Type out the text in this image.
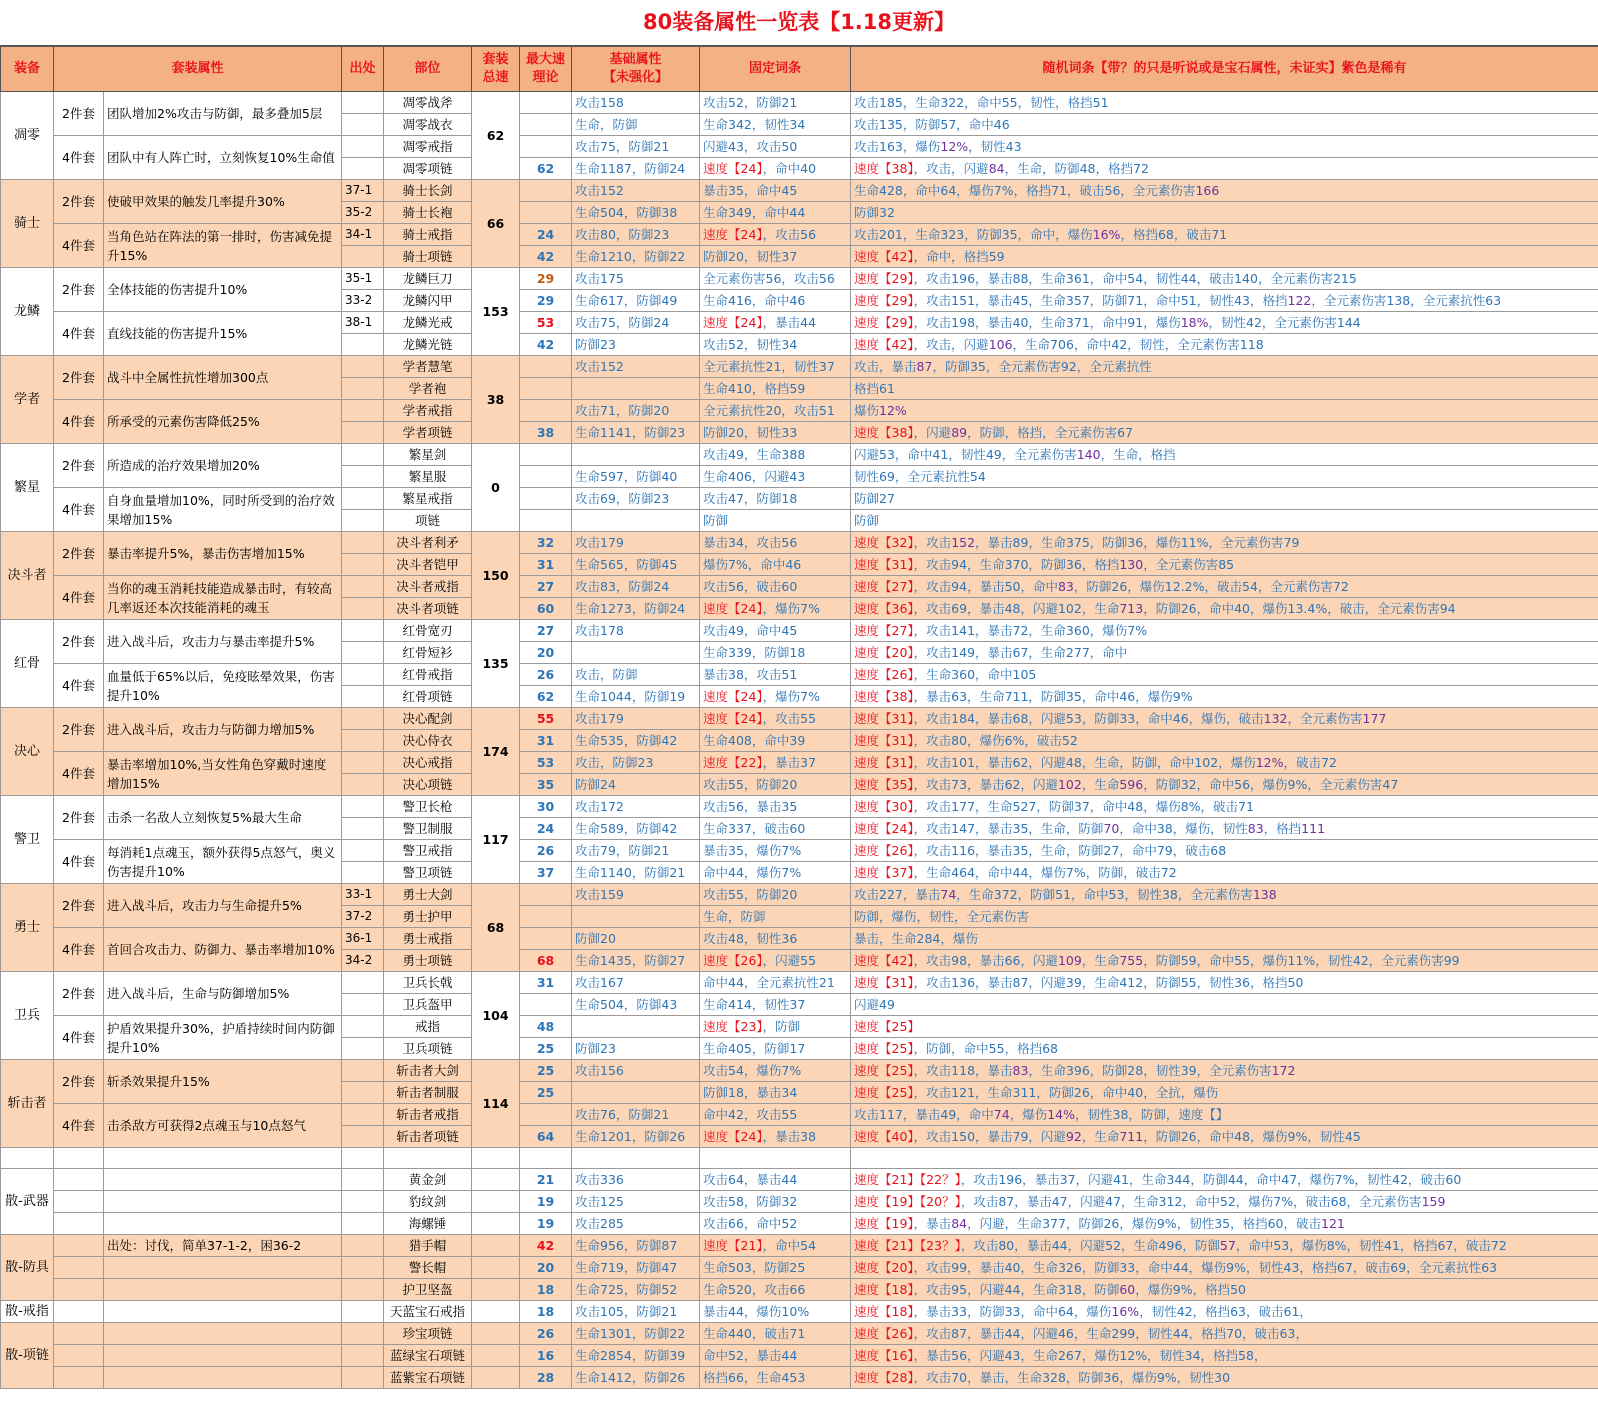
80装备属性一览表【1.18更新】
装备	套装属性		出处	部位	套装
总速	最大速
理论	基础属性
【未强化】	固定词条	随机词条【带？的只是听说或是宝石属性，未证实】紫色是稀有
凋零	2件套	团队增加2%攻击与防御，最多叠加5层		凋零战斧	62		攻击158	攻击52，防御21	攻击185，生命322，命中55，韧性，格挡51
				凋零战衣			生命，防御	生命342，韧性34	攻击135，防御57，命中46
	4件套	团队中有人阵亡时，立刻恢复10%生命值		凋零戒指			攻击75，防御21	闪避43，攻击50	攻击163，爆伤12%，韧性43
				凋零项链		62	生命1187，防御24	速度【24】，命中40	速度【38】，攻击，闪避84，生命，防御48，格挡72
骑士	2件套	使破甲效果的触发几率提升30%	37-1	骑士长剑	66		攻击152	暴击35，命中45	生命428，命中64，爆伤7%，格挡71，破击56，全元素伤害166
			35-2	骑士长袍			生命504，防御38	生命349，命中44	防御32
	4件套	当角色站在阵法的第一排时，伤害减免提升15%	34-1	骑士戒指		24	攻击80，防御23	速度【24】，攻击56	攻击201，生命323，防御35，命中，爆伤16%，格挡68，破击71
				骑士项链		42	生命1210，防御22	防御20，韧性37	速度【42】，命中，格挡59
龙鳞	2件套	全体技能的伤害提升10%	35-1	龙鳞巨刀	153	29	攻击175	全元素伤害56，攻击56	速度【29】，攻击196，暴击88，生命361，命中54，韧性44，破击140，全元素伤害215
			33-2	龙鳞闪甲		29	生命617，防御49	生命416，命中46	速度【29】，攻击151，暴击45，生命357，防御71，命中51，韧性43，格挡122，全元素伤害138，全元素抗性63
	4件套	直线技能的伤害提升15%	38-1	龙鳞光戒		53	攻击75，防御24	速度【24】，暴击44	速度【29】，攻击198，暴击40，生命371，命中91，爆伤18%，韧性42，全元素伤害144
				龙鳞光链		42	防御23	攻击52，韧性34	速度【42】，攻击，闪避106，生命706，命中42，韧性，全元素伤害118
学者	2件套	战斗中全属性抗性增加300点		学者慧笔	38		攻击152	全元素抗性21，韧性37	攻击，暴击87，防御35，全元素伤害92，全元素抗性
				学者袍				生命410，格挡59	格挡61
	4件套	所承受的元素伤害降低25%		学者戒指			攻击71，防御20	全元素抗性20，攻击51	爆伤12%
				学者项链		38	生命1141，防御23	防御20，韧性33	速度【38】，闪避89，防御，格挡，全元素伤害67
繁星	2件套	所造成的治疗效果增加20%		繁星剑	0			攻击49，生命388	闪避53，命中41，韧性49，全元素伤害140，生命，格挡
				繁星服			生命597，防御40	生命406，闪避43	韧性69，全元素抗性54
	4件套	自身血量增加10%，同时所受到的治疗效果增加15%		繁星戒指			攻击69，防御23	攻击47，防御18	防御27
				项链				防御	防御
决斗者	2件套	暴击率提升5%，暴击伤害增加15%		决斗者利矛	150	32	攻击179	暴击34，攻击56	速度【32】，攻击152，暴击89，生命375，防御36，爆伤11%，全元素伤害79
				决斗者铠甲		31	生命565，防御45	爆伤7%，命中46	速度【31】，攻击94，生命370，防御36，格挡130，全元素伤害85
	4件套	当你的魂玉消耗技能造成暴击时，有较高几率返还本次技能消耗的魂玉		决斗者戒指		27	攻击83，防御24	攻击56，破击60	速度【27】，攻击94，暴击50，命中83，防御26，爆伤12.2%，破击54，全元素伤害72
				决斗者项链		60	生命1273，防御24	速度【24】，爆伤7%	速度【36】，攻击69，暴击48，闪避102，生命713，防御26，命中40，爆伤13.4%，破击，全元素伤害94
红骨	2件套	进入战斗后，攻击力与暴击率提升5%		红骨宽刃	135	27	攻击178	攻击49，命中45	速度【27】，攻击141，暴击72，生命360，爆伤7%
				红骨短衫		20		生命339，防御18	速度【20】，攻击149，暴击67，生命277，命中
	4件套	血量低于65%以后，免疫眩晕效果，伤害提升10%		红骨戒指		26	攻击，防御	暴击38，攻击51	速度【26】，生命360，命中105
				红骨项链		62	生命1044，防御19	速度【24】，爆伤7%	速度【38】，暴击63，生命711，防御35，命中46，爆伤9%
决心	2件套	进入战斗后，攻击力与防御力增加5%		决心配剑	174	55	攻击179	速度【24】，攻击55	速度【31】，攻击184，暴击68，闪避53，防御33，命中46，爆伤，破击132，全元素伤害177
				决心侍衣		31	生命535，防御42	生命408，命中39	速度【31】，攻击80，爆伤6%，破击52
	4件套	暴击率增加10%,当女性角色穿戴时速度增加15%		决心戒指		53	攻击，防御23	速度【22】，暴击37	速度【31】，攻击101，暴击62，闪避48，生命，防御，命中102，爆伤12%，破击72
				决心项链		35	防御24	攻击55，防御20	速度【35】，攻击73，暴击62，闪避102，生命596，防御32，命中56，爆伤9%，全元素伤害47
警卫	2件套	击杀一名敌人立刻恢复5%最大生命		警卫长枪	117	30	攻击172	攻击56，暴击35	速度【30】，攻击177，生命527，防御37，命中48，爆伤8%，破击71
				警卫制服		24	生命589，防御42	生命337，破击60	速度【24】，攻击147，暴击35，生命，防御70，命中38，爆伤，韧性83，格挡111
	4件套	每消耗1点魂玉，额外获得5点怒气，奥义伤害提升10%		警卫戒指		26	攻击79，防御21	暴击35，爆伤7%	速度【26】，攻击116，暴击35，生命，防御27，命中79，破击68
				警卫项链		37	生命1140，防御21	命中44，爆伤7%	速度【37】，生命464，命中44，爆伤7%，防御，破击72
勇士	2件套	进入战斗后，攻击力与生命提升5%	33-1	勇士大剑	68		攻击159	攻击55，防御20	攻击227，暴击74，生命372，防御51，命中53，韧性38，全元素伤害138
			37-2	勇士护甲				生命，防御	防御，爆伤，韧性，全元素伤害
	4件套	首回合攻击力、防御力、暴击率增加10%	36-1	勇士戒指			防御20	攻击48，韧性36	暴击，生命284，爆伤
			34-2	勇士项链		68	生命1435，防御27	速度【26】，闪避55	速度【42】，攻击98，暴击66，闪避109，生命755，防御59，命中55，爆伤11%，韧性42，全元素伤害99
卫兵	2件套	进入战斗后，生命与防御增加5%		卫兵长戟	104	31	攻击167	命中44，全元素抗性21	速度【31】，攻击136，暴击87，闪避39，生命412，防御55，韧性36，格挡50
				卫兵盔甲			生命504，防御43	生命414，韧性37	闪避49
	4件套	护盾效果提升30%，护盾持续时间内防御提升10%		戒指		48		速度【23】，防御	速度【25】
				卫兵项链		25	防御23	生命405，防御17	速度【25】，防御，命中55，格挡68
斩击者	2件套	斩杀效果提升15%		斩击者大剑	114	25	攻击156	攻击54，爆伤7%	速度【25】，攻击118，暴击83，生命396，防御28，韧性39，全元素伤害172
				斩击者制服		25		防御18，暴击34	速度【25】，攻击121，生命311，防御26，命中40，全抗，爆伤
	4件套	击杀敌方可获得2点魂玉与10点怒气		斩击者戒指			攻击76，防御21	命中42，攻击55	攻击117，暴击49，命中74，爆伤14%，韧性38，防御，速度【】
				斩击者项链		64	生命1201，防御26	速度【24】，暴击38	速度【40】，攻击150，暴击79，闪避92，生命711，防御26，命中48，爆伤9%，韧性45

散-武器				黄金剑		21	攻击336	攻击64，暴击44	速度【21】【22？】，攻击196，暴击37，闪避41，生命344，防御44，命中47，爆伤7%，韧性42，破击60
				豹纹剑		19	攻击125	攻击58，防御32	速度【19】【20？】，攻击87，暴击47，闪避47，生命312，命中52，爆伤7%，破击68，全元素伤害159
				海螺锤		19	攻击285	攻击66，命中52	速度【19】，暴击84，闪避，生命377，防御26，爆伤9%，韧性35，格挡60，破击121
散-防具		出处：讨伐，简单37-1-2，困36-2		猎手帽		42	生命956，防御87	速度【21】，命中54	速度【21】【23？】，攻击80，暴击44，闪避52，生命496，防御57，命中53，爆伤8%，韧性41，格挡67，破击72
				警长帽		20	生命719，防御47	生命503，防御25	速度【20】，攻击99，暴击40，生命326，防御33，命中44，爆伤9%，韧性43，格挡67，破击69，全元素抗性63
				护卫坚盔		18	生命725，防御52	生命520，攻击66	速度【18】，攻击95，闪避44，生命318，防御60，爆伤9%，格挡50
散-戒指				天蓝宝石戒指		18	攻击105，防御21	暴击44，爆伤10%	速度【18】，暴击33，防御33，命中64，爆伤16%，韧性42，格挡63，破击61，
散-项链				珍宝项链		26	生命1301，防御22	生命440，破击71	速度【26】，攻击87，暴击44，闪避46，生命299，韧性44，格挡70，破击63，
				蓝绿宝石项链		16	生命2854，防御39	命中52，暴击44	速度【16】，暴击56，闪避43，生命267，爆伤12%，韧性34，格挡58，
				蓝紫宝石项链		28	生命1412，防御26	格挡66，生命453	速度【28】，攻击70，暴击，生命328，防御36，爆伤9%，韧性30
